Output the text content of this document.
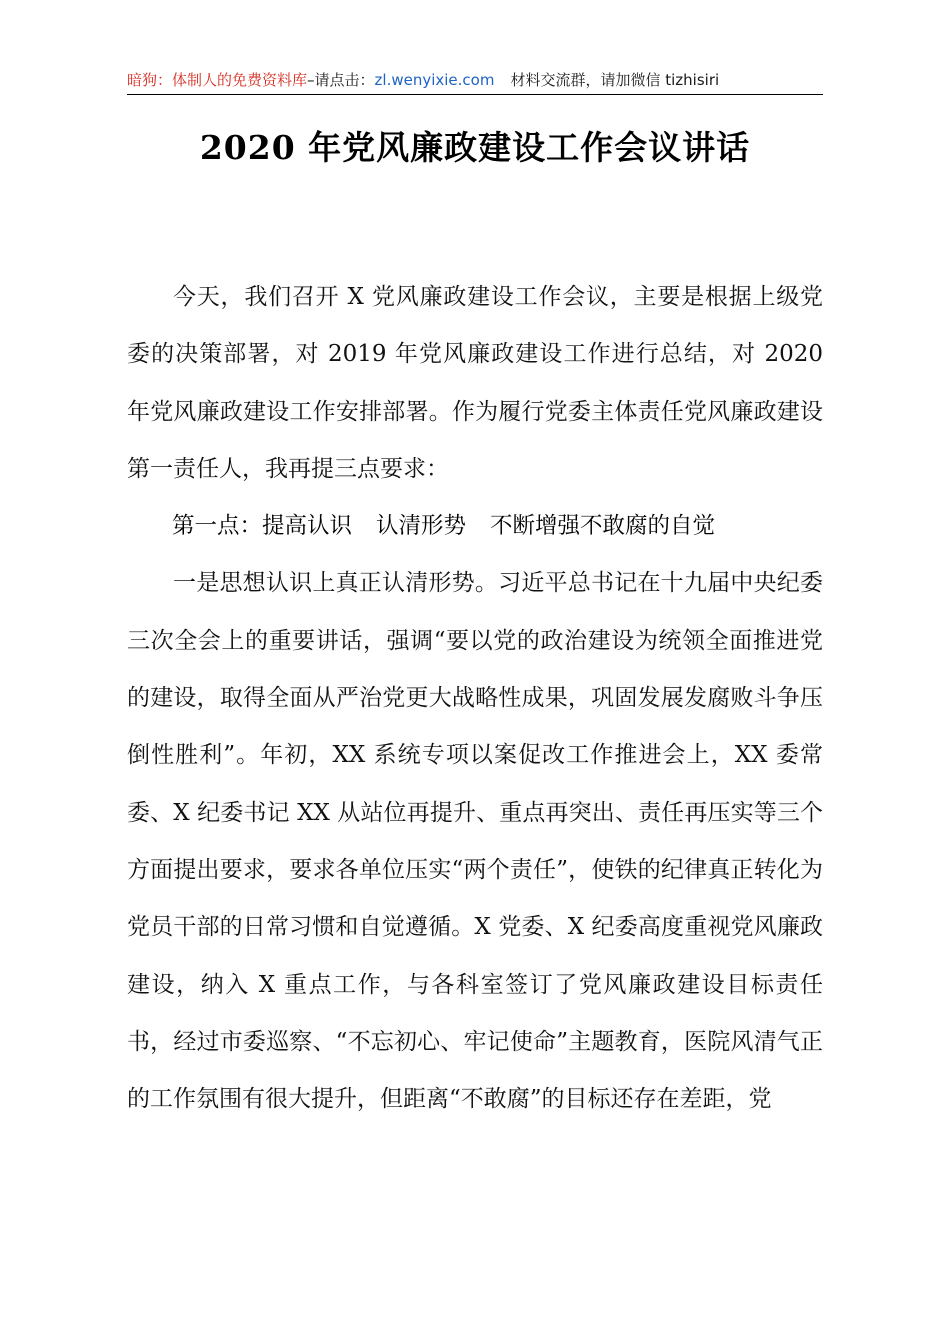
暗狗：体制人的免费资料库–请点击：zl.wenyixie.com 材料交流群，请加微信 tizhisiri
2020 年党风廉政建设工作会议讲话

今天，我们召开 X 党风廉政建设工作会议，主要是根据上级党委的决策部署，对 2019 年党风廉政建设工作进行总结，对 2020 年党风廉政建设工作安排部署。作为履行党委主体责任党风廉政建设第一责任人，我再提三点要求：

第一点：提高认识 认清形势 不断增强不敢腐的自觉

一是思想认识上真正认清形势。习近平总书记在十九届中央纪委三次全会上的重要讲话，强调“要以党的政治建设为统领全面推进党的建设，取得全面从严治党更大战略性成果，巩固发展发腐败斗争压倒性胜利”。年初，XX 系统专项以案促改工作推进会上，XX 委常委、X 纪委书记 XX 从站位再提升、重点再突出、责任再压实等三个方面提出要求，要求各单位压实“两个责任”，使铁的纪律真正转化为党员干部的日常习惯和自觉遵循。X 党委、X 纪委高度重视党风廉政建设，纳入 X 重点工作，与各科室签订了党风廉政建设目标责任书，经过市委巡察、“不忘初心、牢记使命”主题教育，医院风清气正的工作氛围有很大提升，但距离“不敢腐”的目标还存在差距，党
